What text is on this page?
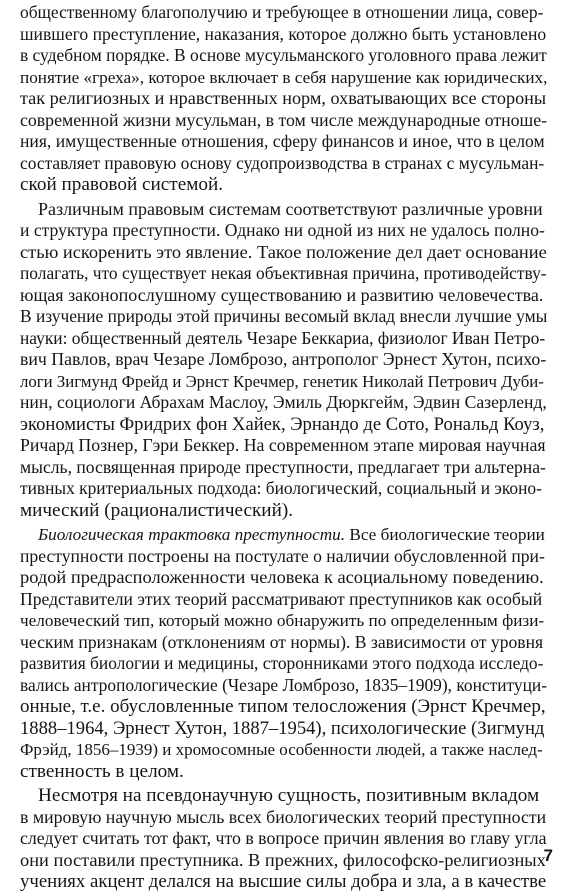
общественному благополучию и требующее в отношении лица, совер-
шившего преступление, наказания, которое должно быть установлено
в судебном порядке. В основе мусульманского уголовного права лежит
понятие «греха», которое включает в себя нарушение как юридических,
так религиозных и нравственных норм, охватывающих все стороны
современной жизни мусульман, в том числе международные отноше-
ния, имущественные отношения, сферу финансов и иное, что в целом
составляет правовую основу судопроизводства в странах с мусульман-
ской правовой системой.
Различным правовым системам соответствуют различные уровни
и структура преступности. Однако ни одной из них не удалось полно-
стью искоренить это явление. Такое положение дел дает основание
полагать, что существует некая объективная причина, противодейству-
ющая законопослушному существованию и развитию человечества.
В изучение природы этой причины весомый вклад внесли лучшие умы
науки: общественный деятель Чезаре Беккариа, физиолог Иван Петро-
вич Павлов, врач Чезаре Ломброзо, антрополог Эрнест Хутон, психо-
логи Зигмунд Фрейд и Эрнст Кречмер, генетик Николай Петрович Дуби-
нин, социологи Абрахам Маслоу, Эмиль Дюркгейм, Эдвин Сазерленд,
экономисты Фридрих фон Хайек, Эрнандо де Сото, Рональд Коуз,
Ричард Познер, Гэри Беккер. На современном этапе мировая научная
мысль, посвященная природе преступности, предлагает три альтерна-
тивных критериальных подхода: биологический, социальный и эконо-
мический (рационалистический).
Биологическая трактовка преступности. Все биологические теории
преступности построены на постулате о наличии обусловленной при-
родой предрасположенности человека к асоциальному поведению.
Представители этих теорий рассматривают преступников как особый
человеческий тип, который можно обнаружить по определенным физи-
ческим признакам (отклонениям от нормы). В зависимости от уровня
развития биологии и медицины, сторонниками этого подхода исследо-
вались антропологические (Чезаре Ломброзо, 1835–1909), конституци-
онные, т.е. обусловленные типом телосложения (Эрнст Кречмер,
1888–1964, Эрнест Хутон, 1887–1954), психологические (Зигмунд
Фрэйд, 1856–1939) и хромосомные особенности людей, а также наслед-
ственность в целом.
Несмотря на псевдонаучную сущность, позитивным вкладом
в мировую научную мысль всех биологических теорий преступности
следует считать тот факт, что в вопросе причин явления во главу угла
они поставили преступника. В прежних, философско-религиозных
учениях акцент делался на высшие силы добра и зла, а в качестве
7
